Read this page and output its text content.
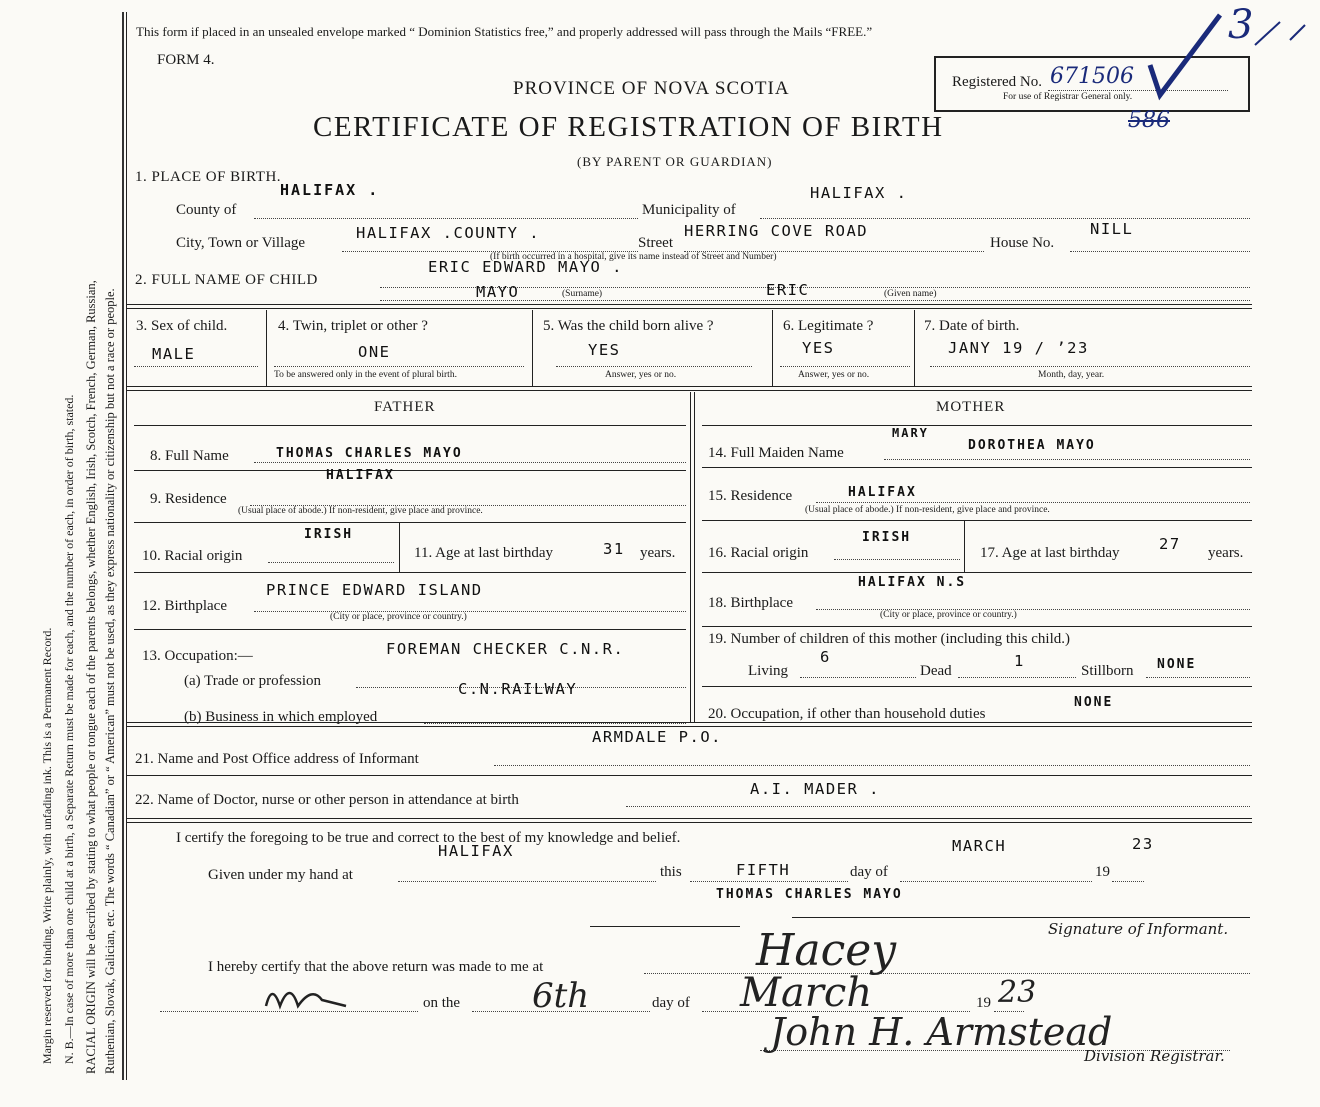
Margin reserved for binding. Write plainly, with unfading ink. This is a Permanent Record. N. B.—In case of more than one child at a birth, a Separate Return must be made for each, and the number of each, in order of birth, stated. RACIAL ORIGIN will be described by stating to what people or tongue each of the parents belongs, whether English, Irish, Scotch, French, German, Russian, Ruthenian, Slovak, Galician, etc. The words “ Canadian” or “ American” must not be used, as they express nationality or citizenship but not a race or people.
This form if placed in an unsealed envelope marked “ Dominion Statistics free,” and properly addressed will pass through the Mails “FREE.”
FORM 4.
PROVINCE OF NOVA SCOTIA
CERTIFICATE OF REGISTRATION OF BIRTH
(BY PARENT OR GUARDIAN)
Registered No. 671506
For use of Registrar General only.
586
3
1. PLACE OF BIRTH.
County of
HALIFAX .
Municipality of
HALIFAX .
City, Town or Village
HALIFAX .COUNTY .
Street
HERRING COVE ROAD
(If birth occurred in a hospital, give its name instead of Street and Number)
House No.
NILL
2. FULL NAME OF CHILD
ERIC EDWARD MAYO .
MAYO	(Surname)	ERIC	(Given name)
3. Sex of child.
MALE
4. Twin, triplet or other ?
ONE
To be answered only in the event of plural birth.
5. Was the child born alive ?
YES
Answer, yes or no.
6. Legitimate ?
YES
Answer, yes or no.
7. Date of birth.
JANY 19 / ’23
Month, day, year.
FATHER
8. Full Name	THOMAS CHARLES MAYO
9. Residence
HALIFAX
(Usual place of abode.) If non-resident, give place and province.
10. Racial origin
IRISH
11. Age at last birthday	31 years.
12. Birthplace
PRINCE EDWARD ISLAND
(City or place, province or country.)
13. Occupation:—	FOREMAN CHECKER C.N.R.
(a) Trade or profession	C.N.RAILWAY
(b) Business in which employed
MOTHER
14. Full Maiden Name
MARY
DOROTHEA MAYO
15. Residence	HALIFAX
(Usual place of abode.) If non-resident, give place and province.
16. Racial origin
IRISH
17. Age at last birthday	27 years.
18. Birthplace
HALIFAX N.S
(City or place, province or country.)
19. Number of children of this mother (including this child.)
Living
6
Dead
1
Stillborn NONE
20. Occupation, if other than household duties
NONE
21. Name and Post Office address of Informant
ARMDALE P.O.
22. Name of Doctor, nurse or other person in attendance at birth
A.I. MADER .
I certify the foregoing to be true and correct to the best of my knowledge and belief.
Given under my hand at
HALIFAX
this	FIFTH	day of
MARCH
19
23
THOMAS CHARLES MAYO
Signature of Informant.
I hereby certify that the above return was made to me at	Hacey
on the 6th	day of March	19 23
John H. Armstead
Division Registrar.
